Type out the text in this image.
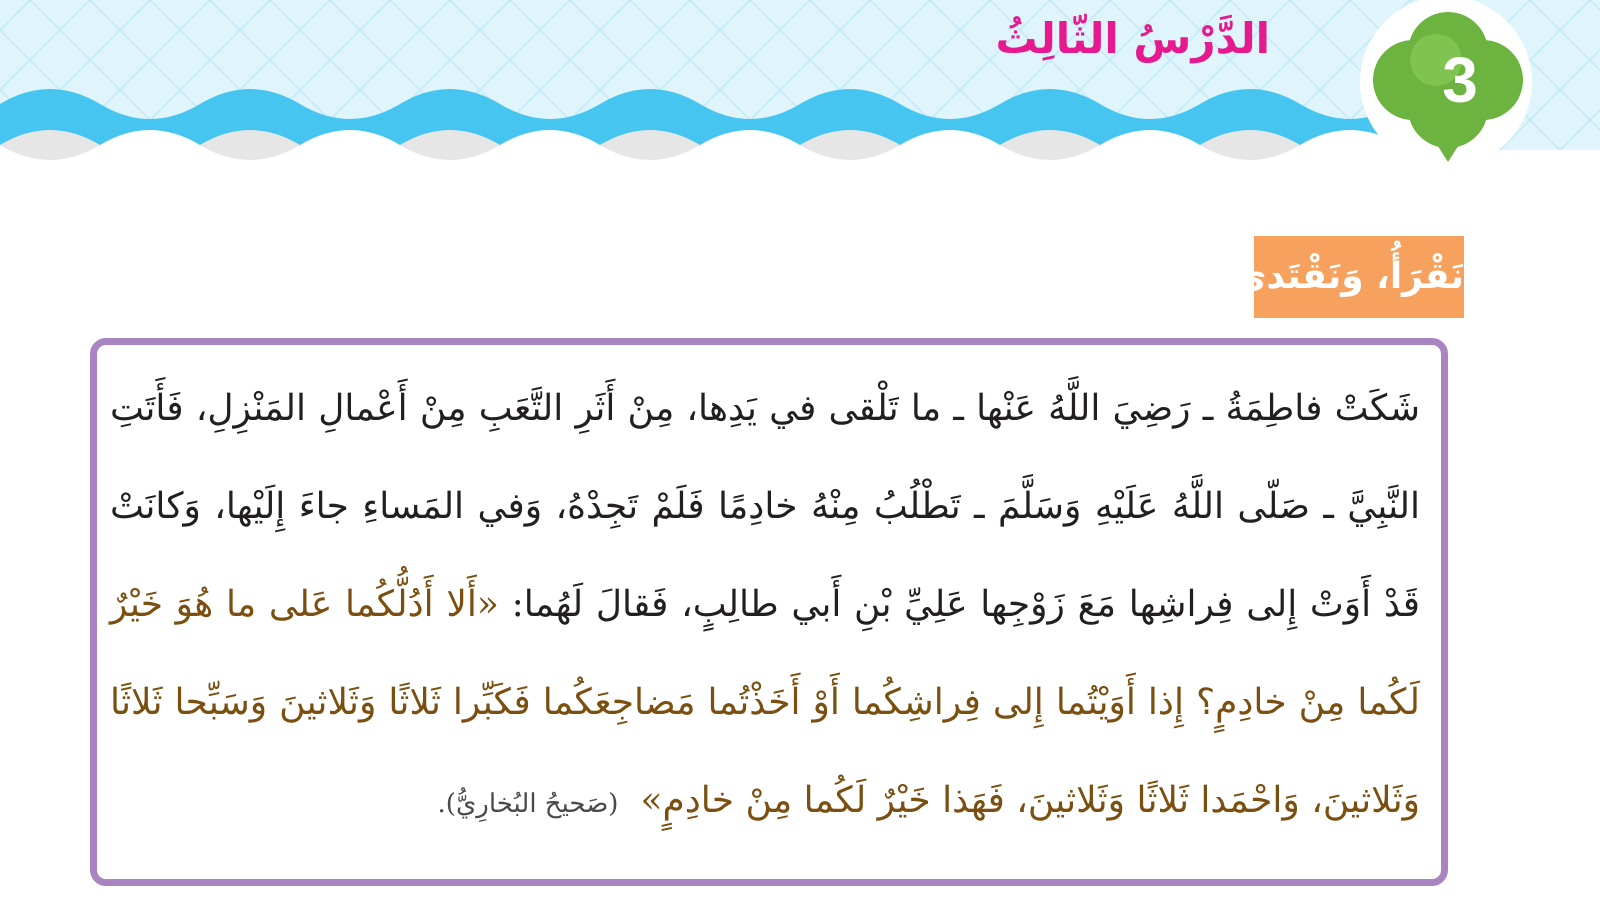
الدَّرْسُ الثّالِثُ
3
نَقْرَأُ، وَنَقْتَدي:

شَكَتْ فاطِمَةُ ـ رَضِيَ اللَّهُ عَنْها ـ ما تَلْقى في يَدِها، مِنْ أَثَرِ التَّعَبِ مِنْ أَعْمالِ المَنْزِلِ، فَأَتَتِ النَّبِيَّ ـ صَلّى اللَّهُ عَلَيْهِ وَسَلَّمَ ـ تَطْلُبُ مِنْهُ خادِمًا فَلَمْ تَجِدْهُ، وَفي المَساءِ جاءَ إِلَيْها، وَكانَتْ قَدْ أَوَتْ إِلى فِراشِها مَعَ زَوْجِها عَلِيِّ بْنِ أَبي طالِبٍ، فَقالَ لَهُما: «أَلا أَدُلُّكُما عَلى ما هُوَ خَيْرٌ لَكُما مِنْ خادِمٍ؟ إِذا أَوَيْتُما إِلى فِراشِكُما أَوْ أَخَذْتُما مَضاجِعَكُما فَكَبِّرا ثَلاثًا وَثَلاثينَ وَسَبِّحا ثَلاثًا وَثَلاثينَ، وَاحْمَدا ثَلاثًا وَثَلاثينَ، فَهَذا خَيْرٌ لَكُما مِنْ خادِمٍ»(صَحيحُ البُخارِيُّ).
